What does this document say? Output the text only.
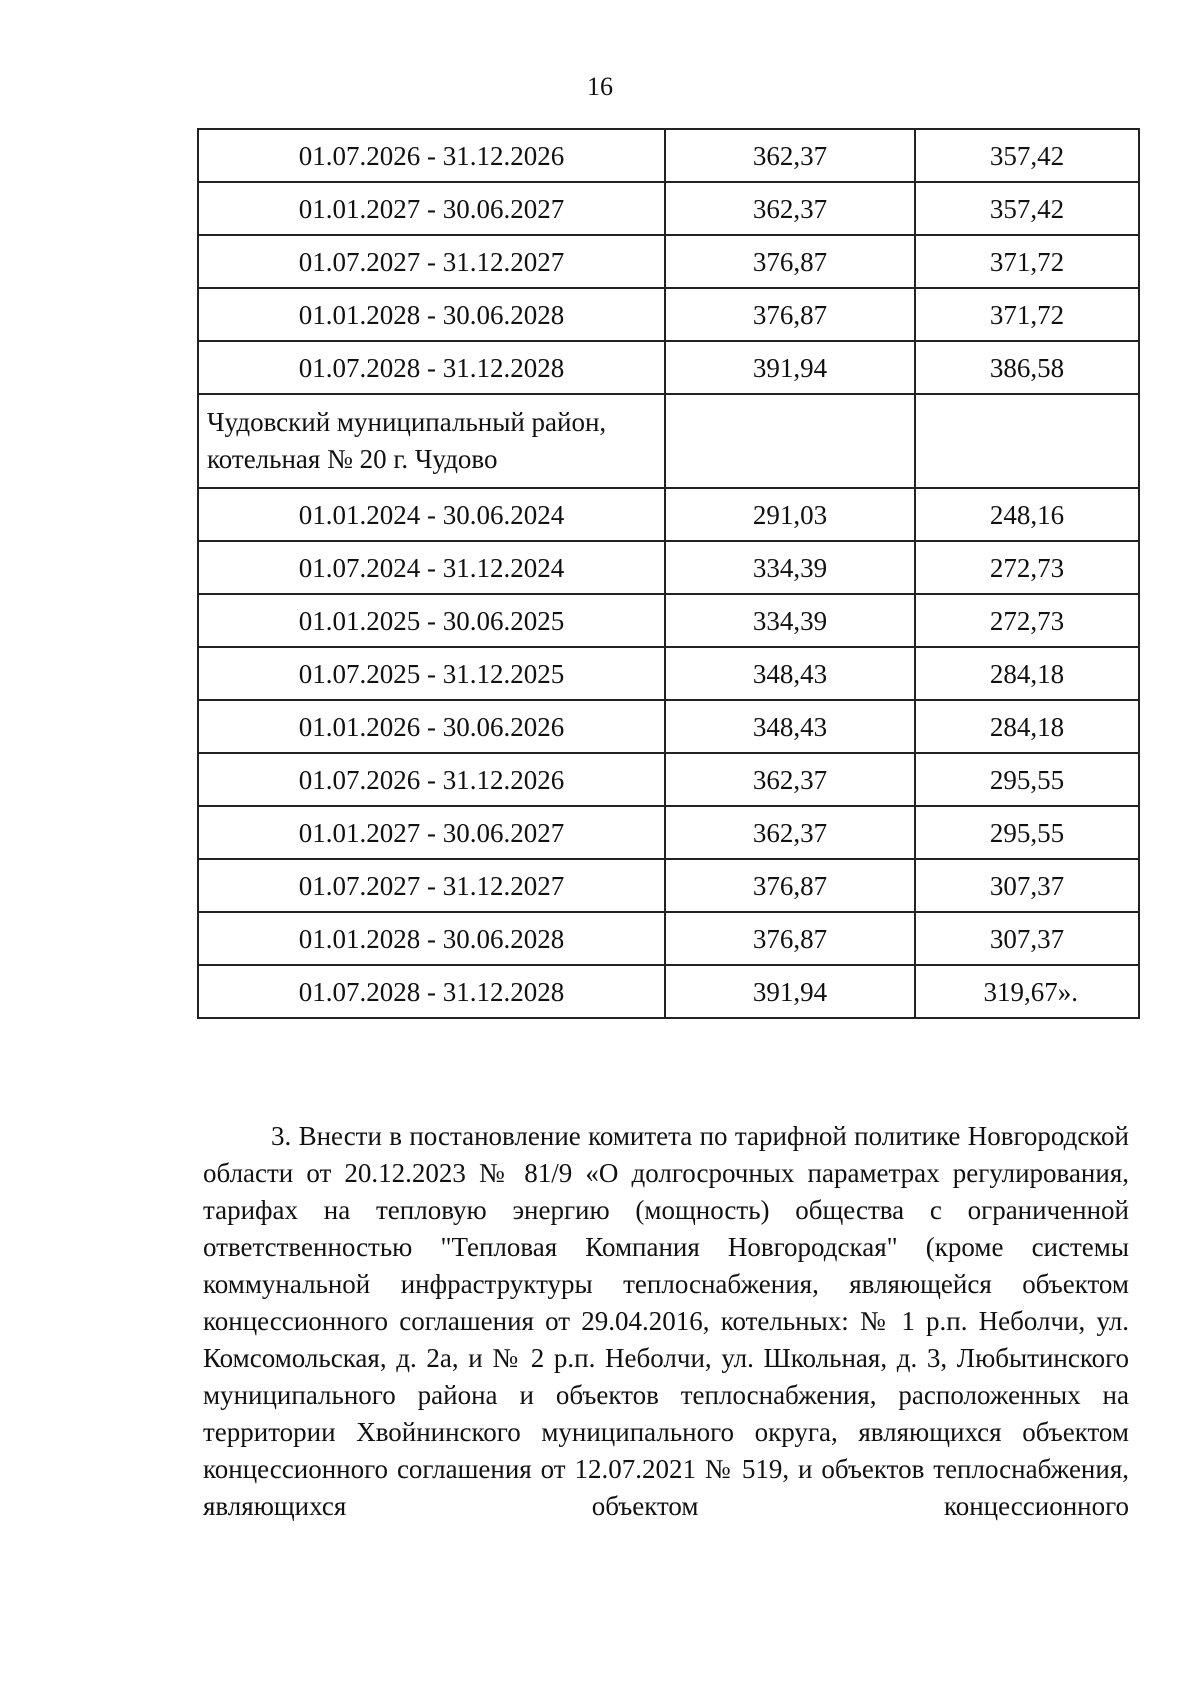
16
01.07.2026 - 31.12.2026	362,37	357,42
01.01.2027 - 30.06.2027	362,37	357,42
01.07.2027 - 31.12.2027	376,87	371,72
01.01.2028 - 30.06.2028	376,87	371,72
01.07.2028 - 31.12.2028	391,94	386,58
Чудовский муниципальный район, котельная № 20 г. Чудово		
01.01.2024 - 30.06.2024	291,03	248,16
01.07.2024 - 31.12.2024	334,39	272,73
01.01.2025 - 30.06.2025	334,39	272,73
01.07.2025 - 31.12.2025	348,43	284,18
01.01.2026 - 30.06.2026	348,43	284,18
01.07.2026 - 31.12.2026	362,37	295,55
01.01.2027 - 30.06.2027	362,37	295,55
01.07.2027 - 31.12.2027	376,87	307,37
01.01.2028 - 30.06.2028	376,87	307,37
01.07.2028 - 31.12.2028	391,94	319,67».

3. Внести в постановление комитета по тарифной политике Новгородской области от 20.12.2023 № 81/9 «О долгосрочных параметрах регулирования, тарифах на тепловую энергию (мощность) общества с ограниченной ответственностью "Тепловая Компания Новгородская" (кроме системы коммунальной инфраструктуры теплоснабжения, являющейся объектом концессионного соглашения от 29.04.2016, котельных: № 1 р.п. Неболчи, ул. Комсомольская, д. 2а, и № 2 р.п. Неболчи, ул. Школьная, д. 3, Любытинского муниципального района и объектов теплоснабжения, расположенных на территории Хвойнинского муниципального округа, являющихся объектом концессионного соглашения от 12.07.2021 № 519, и объектов теплоснабжения, являющихся объектом концессионного
